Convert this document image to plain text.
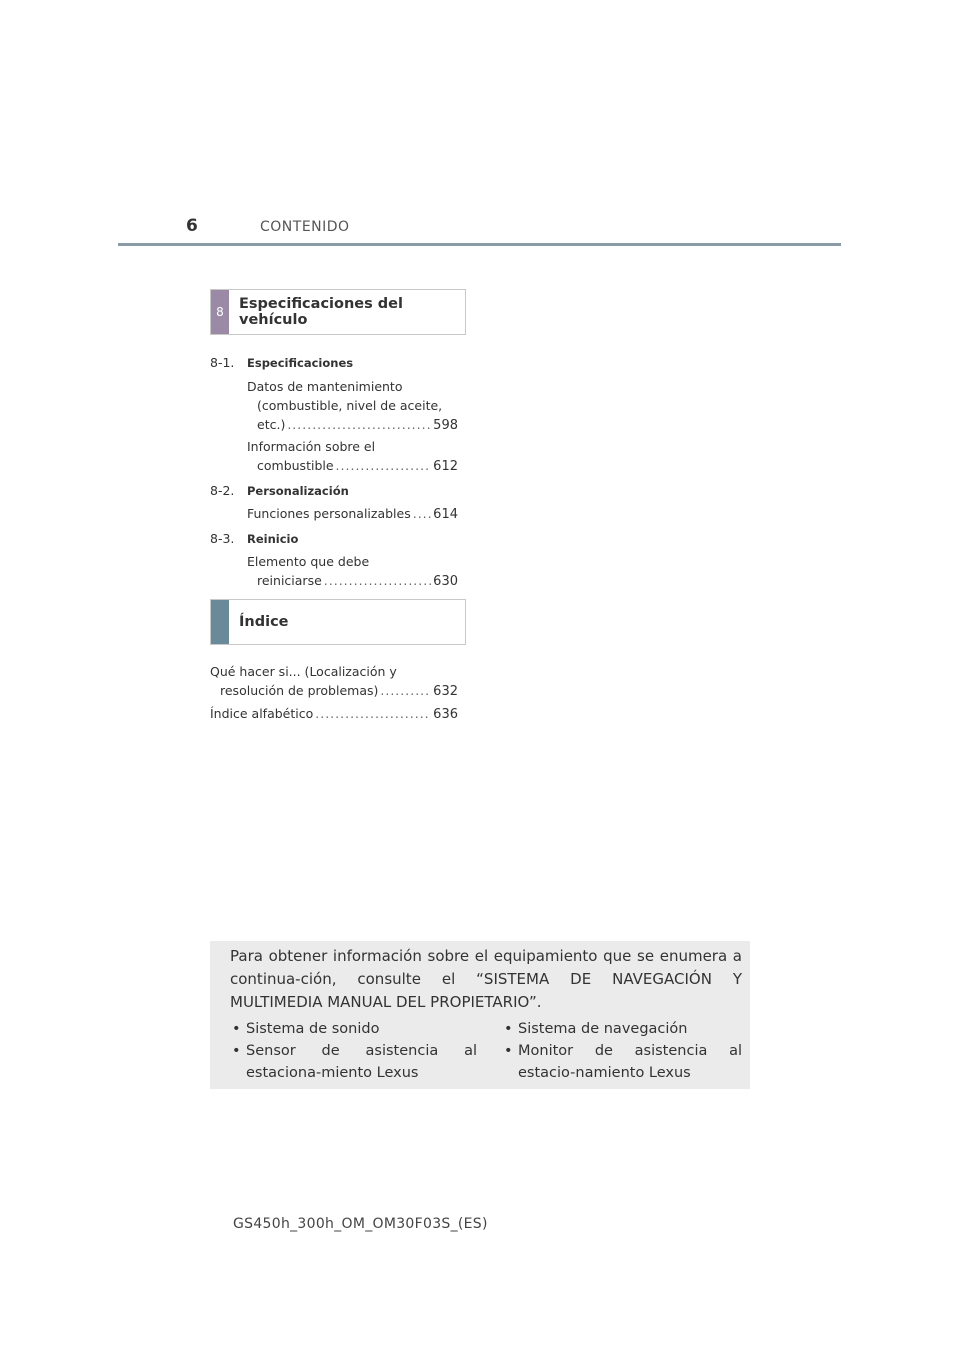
6	CONTENIDO
8	Especificaciones del vehículo
8-1. Especificaciones
Datos de mantenimiento
(combustible, nivel de aceite,
etc.) .....	598
Información sobre el
combustible .....	612
8-2. Personalización
Funciones personalizables ..... 614
8-3. Reinicio
Elemento que debe
reiniciarse .....	630
Índice
Qué hacer si... (Localización y
resolución de problemas) .....	632
Índice alfabético .....	636
Para obtener información sobre el equipamiento que se enumera a continua-ción, consulte el “SISTEMA DE NAVEGACIÓN Y MULTIMEDIA MANUAL DEL PROPIETARIO”.
• Sistema de sonido
• Sensor de asistencia al estaciona-miento Lexus
• Sistema de navegación
• Monitor de asistencia al estacio-namiento Lexus
GS450h_300h_OM_OM30F03S_(ES)
